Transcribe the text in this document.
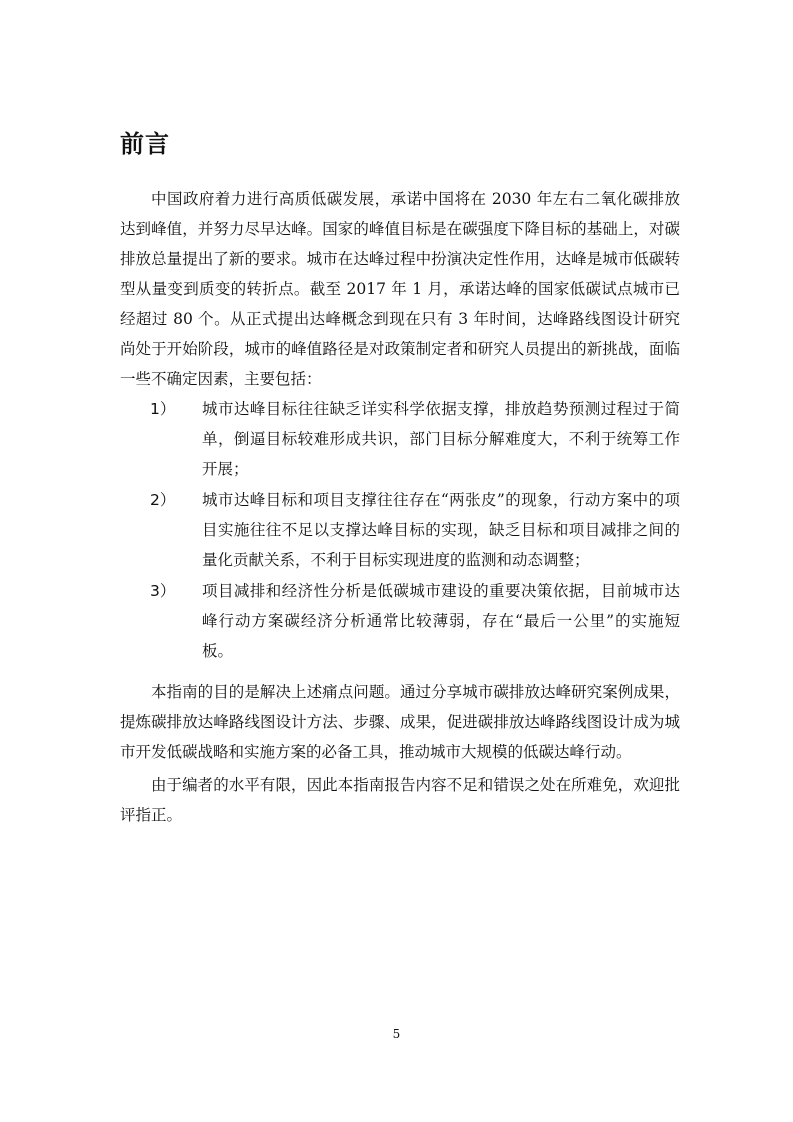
前言

中国政府着力进行高质低碳发展，承诺中国将在 2030 年左右二氧化碳排放达到峰值，并努力尽早达峰。国家的峰值目标是在碳强度下降目标的基础上，对碳排放总量提出了新的要求。城市在达峰过程中扮演决定性作用，达峰是城市低碳转型从量变到质变的转折点。截至 2017 年 1 月，承诺达峰的国家低碳试点城市已经超过 80 个。从正式提出达峰概念到现在只有 3 年时间，达峰路线图设计研究尚处于开始阶段，城市的峰值路径是对政策制定者和研究人员提出的新挑战，面临一些不确定因素，主要包括：

1） 城市达峰目标往往缺乏详实科学依据支撑，排放趋势预测过程过于简单，倒逼目标较难形成共识，部门目标分解难度大，不利于统筹工作开展；

2） 城市达峰目标和项目支撑往往存在“两张皮”的现象，行动方案中的项目实施往往不足以支撑达峰目标的实现，缺乏目标和项目减排之间的量化贡献关系，不利于目标实现进度的监测和动态调整；

3） 项目减排和经济性分析是低碳城市建设的重要决策依据，目前城市达峰行动方案碳经济分析通常比较薄弱，存在“最后一公里”的实施短板。

本指南的目的是解决上述痛点问题。通过分享城市碳排放达峰研究案例成果，提炼碳排放达峰路线图设计方法、步骤、成果，促进碳排放达峰路线图设计成为城市开发低碳战略和实施方案的必备工具，推动城市大规模的低碳达峰行动。

由于编者的水平有限，因此本指南报告内容不足和错误之处在所难免，欢迎批评指正。

5
